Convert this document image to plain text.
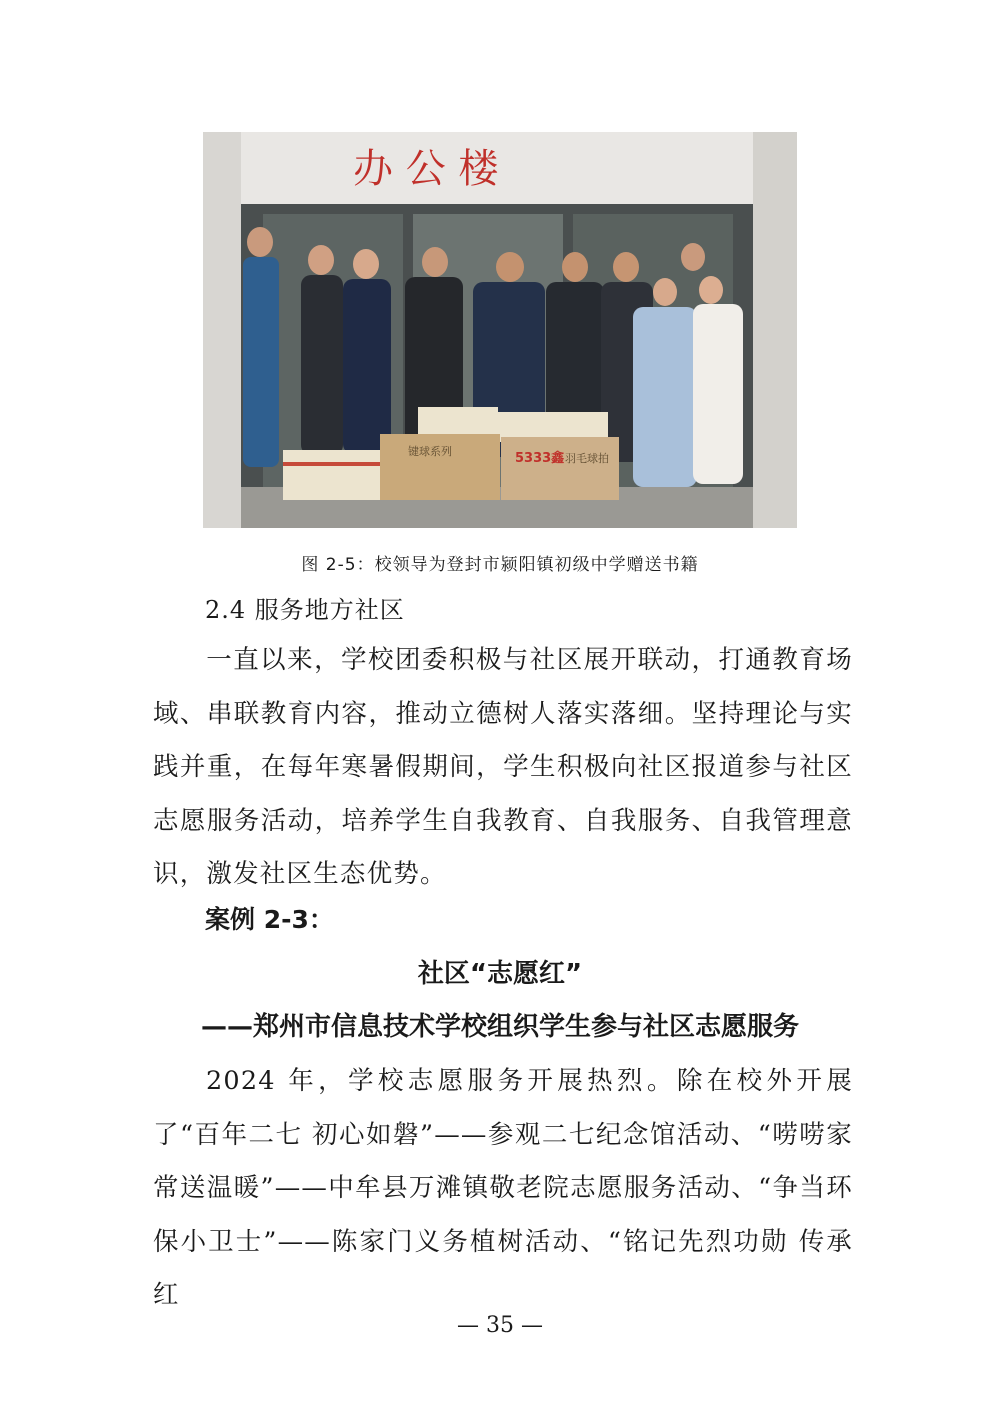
办 公 楼
键球系列	5333鑫 羽毛球拍
图 2-5：校领导为登封市颍阳镇初级中学赠送书籍
2.4 服务地方社区
一直以来，学校团委积极与社区展开联动，打通教育场域、串联教育内容，推动立德树人落实落细。坚持理论与实践并重，在每年寒暑假期间，学生积极向社区报道参与社区志愿服务活动，培养学生自我教育、自我服务、自我管理意识，激发社区生态优势。
案例 2-3：
社区“志愿红”
——郑州市信息技术学校组织学生参与社区志愿服务
2024 年，学校志愿服务开展热烈。除在校外开展了“百年二七 初心如磐”——参观二七纪念馆活动、“唠唠家常送温暖”——中牟县万滩镇敬老院志愿服务活动、“争当环保小卫士”——陈家门义务植树活动、“铭记先烈功勋 传承红
— 35 —
